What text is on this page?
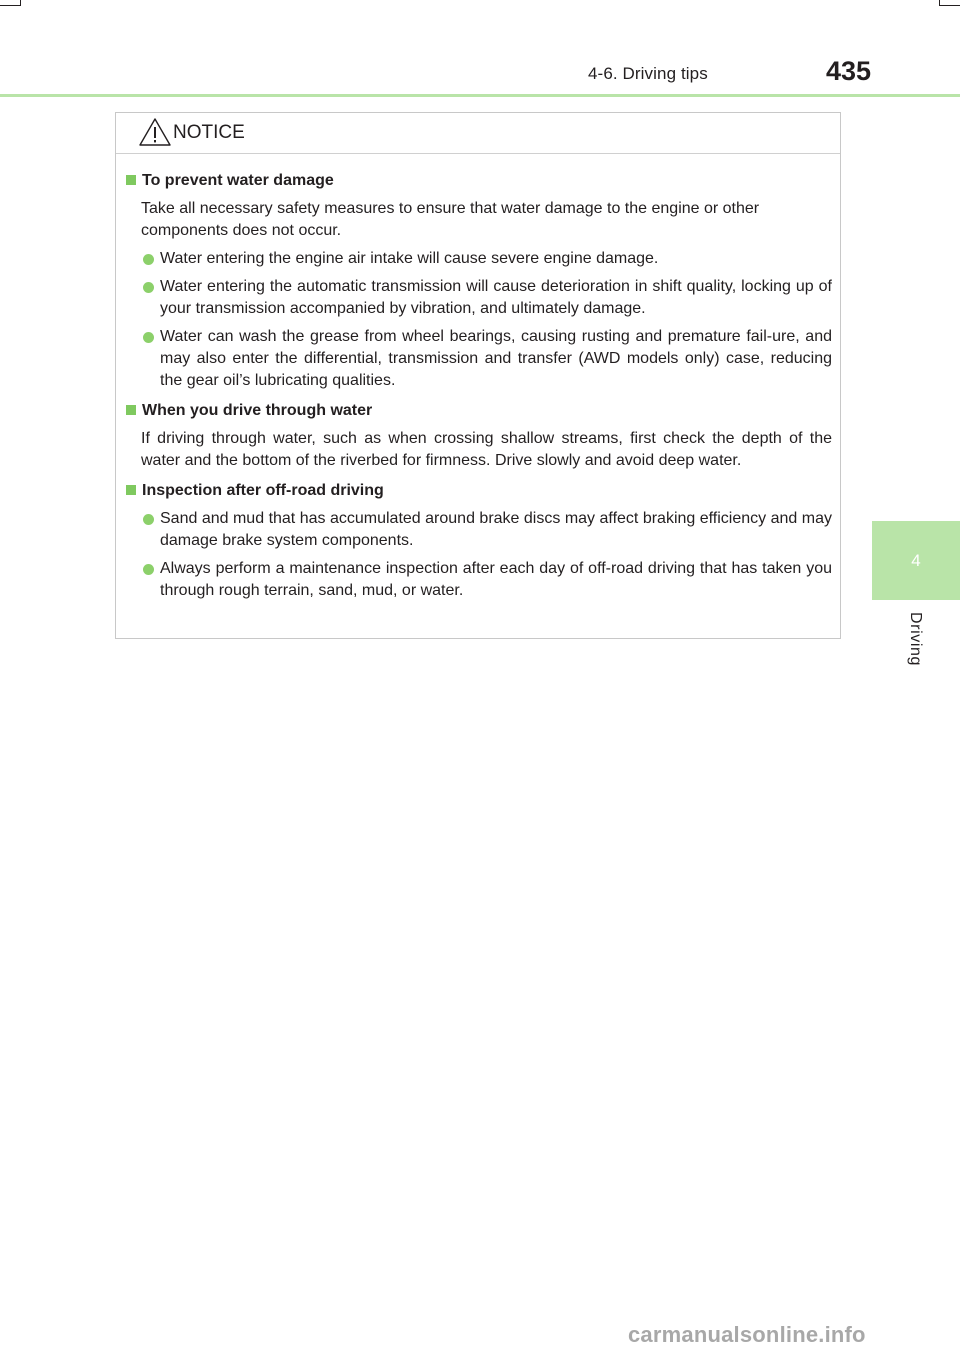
4-6. Driving tips	435
4
Driving
NOTICE
To prevent water damage
Take all necessary safety measures to ensure that water damage to the engine or other components does not occur.
Water entering the engine air intake will cause severe engine damage.
Water entering the automatic transmission will cause deterioration in shift quality, locking up of your transmission accompanied by vibration, and ultimately damage.
Water can wash the grease from wheel bearings, causing rusting and premature fail-ure, and may also enter the differential, transmission and transfer (AWD models only) case, reducing the gear oil’s lubricating qualities.
When you drive through water
If driving through water, such as when crossing shallow streams, first check the depth of the water and the bottom of the riverbed for firmness. Drive slowly and avoid deep water.
Inspection after off-road driving
Sand and mud that has accumulated around brake discs may affect braking efficiency and may damage brake system components.
Always perform a maintenance inspection after each day of off-road driving that has taken you through rough terrain, sand, mud, or water.
carmanualsonline.info
